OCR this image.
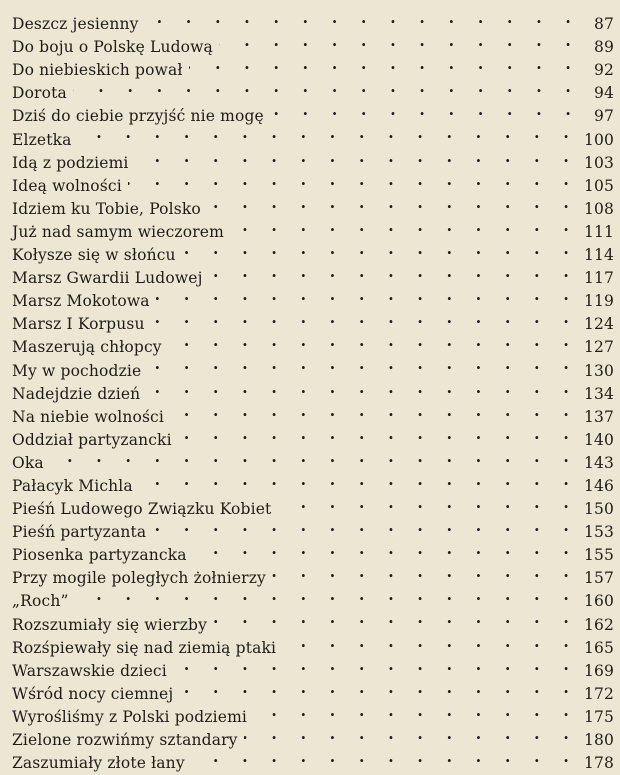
Deszcz jesienny . . .	87
Do boju o Polskę Ludową . . .	89
Do niebieskich pował . . .	92
Dorota . . .	94
Dziś do ciebie przyjść nie mogę . . .	97
Elzetka . . .	100
Idą z podziemi . . .	103
Ideą wolności . . .	105
Idziem ku Tobie, Polsko . . .	108
Już nad samym wieczorem . . .	111
Kołysze się w słońcu . . .	114
Marsz Gwardii Ludowej . . .	117
Marsz Mokotowa . . .	119
Marsz I Korpusu . . .	124
Maszerują chłopcy . . .	127
My w pochodzie . . .	130
Nadejdzie dzień . . .	134
Na niebie wolności . . .	137
Oddział partyzancki . . .	140
Oka . . .	143
Pałacyk Michla . . .	146
Pieśń Ludowego Związku Kobiet . . .	150
Pieśń partyzanta . . .	153
Piosenka partyzancka . . .	155
Przy mogile poległych żołnierzy . . .	157
„Roch” . . .	160
Rozszumiały się wierzby . . .	162
Rozśpiewały się nad ziemią ptaki . . .	165
Warszawskie dzieci . . .	169
Wśród nocy ciemnej . . .	172
Wyrośliśmy z Polski podziemi . . .	175
Zielone rozwińmy sztandary . . .	180
Zaszumiały złote łany . . .	178
